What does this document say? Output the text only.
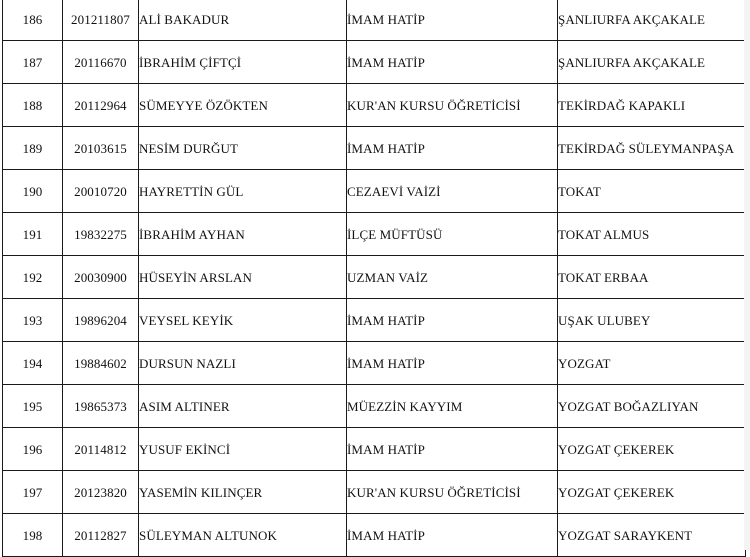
186	201211807	ALİ BAKADUR	İMAM HATİP	ŞANLIURFA AKÇAKALE
187	20116670	İBRAHİM ÇİFTÇİ	İMAM HATİP	ŞANLIURFA AKÇAKALE
188	20112964	SÜMEYYE ÖZÖKTEN	KUR'AN KURSU ÖĞRETİCİSİ	TEKİRDAĞ KAPAKLI
189	20103615	NESİM DURĞUT	İMAM HATİP	TEKİRDAĞ SÜLEYMANPAŞA
190	20010720	HAYRETTİN GÜL	CEZAEVİ VAİZİ	TOKAT
191	19832275	İBRAHİM AYHAN	İLÇE MÜFTÜSÜ	TOKAT ALMUS
192	20030900	HÜSEYİN ARSLAN	UZMAN VAİZ	TOKAT ERBAA
193	19896204	VEYSEL KEYİK	İMAM HATİP	UŞAK ULUBEY
194	19884602	DURSUN NAZLI	İMAM HATİP	YOZGAT
195	19865373	ASIM ALTINER	MÜEZZİN KAYYIM	YOZGAT BOĞAZLIYAN
196	20114812	YUSUF EKİNCİ	İMAM HATİP	YOZGAT ÇEKEREK
197	20123820	YASEMİN KILINÇER	KUR'AN KURSU ÖĞRETİCİSİ	YOZGAT ÇEKEREK
198	20112827	SÜLEYMAN ALTUNOK	İMAM HATİP	YOZGAT SARAYKENT
